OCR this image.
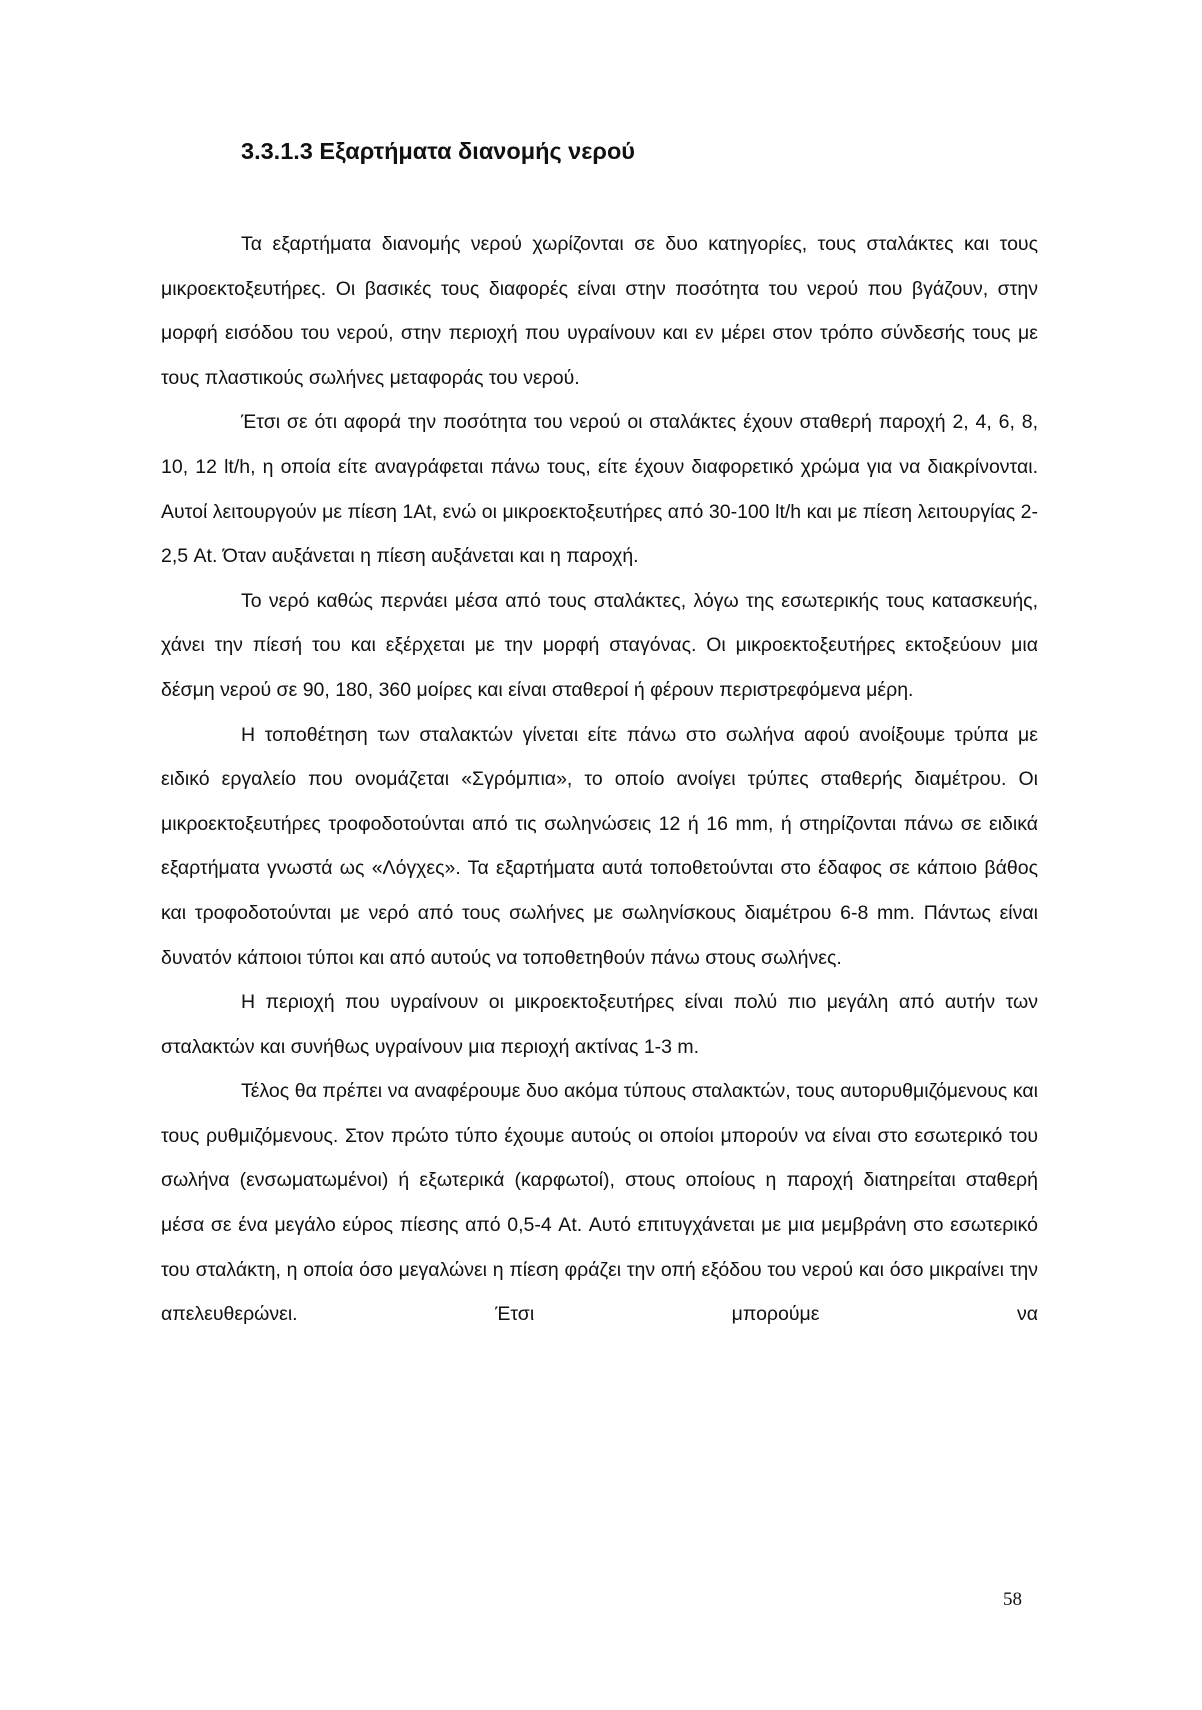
3.3.1.3 Εξαρτήματα διανομής νερού

Τα εξαρτήματα διανομής νερού χωρίζονται σε δυο κατηγορίες, τους σταλάκτες και τους μικροεκτοξευτήρες. Οι βασικές τους διαφορές είναι στην ποσότητα του νερού που βγάζουν, στην μορφή εισόδου του νερού, στην περιοχή που υγραίνουν και εν μέρει στον τρόπο σύνδεσής τους με τους πλαστικούς σωλήνες μεταφοράς του νερού.

Έτσι σε ότι αφορά την ποσότητα του νερού οι σταλάκτες έχουν σταθερή παροχή 2, 4, 6, 8, 10, 12 lt/h, η οποία είτε αναγράφεται πάνω τους, είτε έχουν διαφορετικό χρώμα για να διακρίνονται. Αυτοί λειτουργούν με πίεση 1At, ενώ οι μικροεκτοξευτήρες από 30-100 lt/h και με πίεση λειτουργίας 2-2,5 At. Όταν αυξάνεται η πίεση αυξάνεται και η παροχή.

Το νερό καθώς περνάει μέσα από τους σταλάκτες, λόγω της εσωτερικής τους κατασκευής, χάνει την πίεσή του και εξέρχεται με την μορφή σταγόνας. Οι μικροεκτοξευτήρες εκτοξεύουν μια δέσμη νερού σε 90, 180, 360 μοίρες και είναι σταθεροί ή φέρουν περιστρεφόμενα μέρη.

Η τοποθέτηση των σταλακτών γίνεται είτε πάνω στο σωλήνα αφού ανοίξουμε τρύπα με ειδικό εργαλείο που ονομάζεται «Σγρόμπια», το οποίο ανοίγει τρύπες σταθερής διαμέτρου. Οι μικροεκτοξευτήρες τροφοδοτούνται από τις σωληνώσεις 12 ή 16 mm, ή στηρίζονται πάνω σε ειδικά εξαρτήματα γνωστά ως «Λόγχες». Τα εξαρτήματα αυτά τοποθετούνται στο έδαφος σε κάποιο βάθος και τροφοδοτούνται με νερό από τους σωλήνες με σωληνίσκους διαμέτρου 6-8 mm. Πάντως είναι δυνατόν κάποιοι τύποι και από αυτούς να τοποθετηθούν πάνω στους σωλήνες.

Η περιοχή που υγραίνουν οι μικροεκτοξευτήρες είναι πολύ πιο μεγάλη από αυτήν των σταλακτών και συνήθως υγραίνουν μια περιοχή ακτίνας 1-3 m.

Τέλος θα πρέπει να αναφέρουμε δυο ακόμα τύπους σταλακτών, τους αυτορυθμιζόμενους και τους ρυθμιζόμενους. Στον πρώτο τύπο έχουμε αυτούς οι οποίοι μπορούν να είναι στο εσωτερικό του σωλήνα (ενσωματωμένοι) ή εξωτερικά (καρφωτοί), στους οποίους η παροχή διατηρείται σταθερή μέσα σε ένα μεγάλο εύρος πίεσης από 0,5-4 At. Αυτό επιτυγχάνεται με μια μεμβράνη στο εσωτερικό του σταλάκτη, η οποία όσο μεγαλώνει η πίεση φράζει την οπή εξόδου του νερού και όσο μικραίνει την απελευθερώνει. Έτσι μπορούμε να

58
